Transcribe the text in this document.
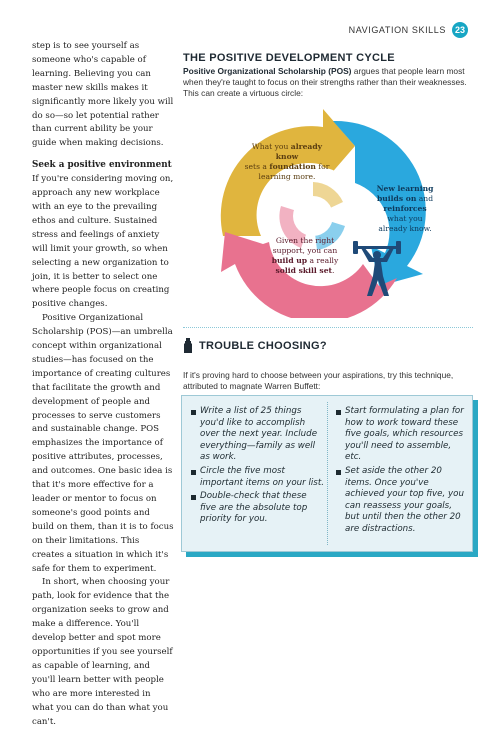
NAVIGATION SKILLS 23

step is to see yourself as someone who's capable of learning. Believing you can master new skills makes it significantly more likely you will do so—so let potential rather than current ability be your guide when making decisions.

Seek a positive environment

If you're considering moving on, approach any new workplace with an eye to the prevailing ethos and culture. Sustained stress and feelings of anxiety will limit your growth, so when selecting a new organization to join, it is better to select one where people focus on creating positive changes.

Positive Organizational Scholarship (POS)—an umbrella concept within organizational studies—has focused on the importance of creating cultures that facilitate the growth and development of people and processes to serve customers and sustainable change. POS emphasizes the importance of positive attributes, processes, and outcomes. One basic idea is that it's more effective for a leader or mentor to focus on someone's good points and build on them, than it is to focus on their limitations. This creates a situation in which it's safe for them to experiment.

In short, when choosing your path, look for evidence that the organization seeks to grow and make a difference. You'll develop better and spot more opportunities if you see yourself as capable of learning, and you'll learn better with people who are more interested in what you can do than what you can't.

THE POSITIVE DEVELOPMENT CYCLE
Positive Organizational Scholarship (POS) argues that people learn most when they're taught to focus on their strengths rather than their weaknesses. This can create a virtuous circle:
What you already know
sets a foundation for learning more.
New learning builds on and reinforces what you already know.
Given the right support, you can build up a really solid skill set.
TROUBLE CHOOSING?
If it's proving hard to choose between your aspirations, try this technique, attributed to magnate Warren Buffett:
Write a list of 25 things you'd like to accomplish over the next year. Include everything—family as well as work.
Circle the five most important items on your list.
Double-check that these five are the absolute top priority for you.
Start formulating a plan for how to work toward these five goals, which resources you'll need to assemble, etc.
Set aside the other 20 items. Once you've achieved your top five, you can reassess your goals, but until then the other 20 are distractions.
